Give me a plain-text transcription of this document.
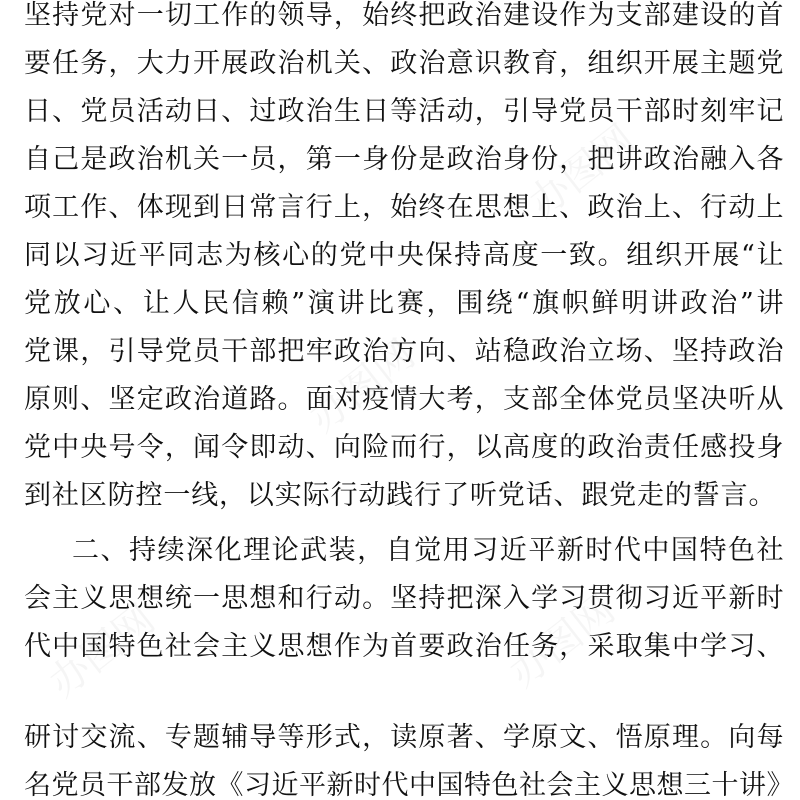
办图网
办图网
办图网	办图网
坚持党对一切工作的领导，始终把政治建设作为支部建设的首
要任务，大力开展政治机关、政治意识教育，组织开展主题党
日、党员活动日、过政治生日等活动，引导党员干部时刻牢记
自己是政治机关一员，第一身份是政治身份，把讲政治融入各
项工作、体现到日常言行上，始终在思想上、政治上、行动上
同以习近平同志为核心的党中央保持高度一致。组织开展“让
党放心、让人民信赖”演讲比赛，围绕“旗帜鲜明讲政治”讲
党课，引导党员干部把牢政治方向、站稳政治立场、坚持政治
原则、坚定政治道路。面对疫情大考，支部全体党员坚决听从
党中央号令，闻令即动、向险而行，以高度的政治责任感投身
到社区防控一线，以实际行动践行了听党话、跟党走的誓言。
二、持续深化理论武装，自觉用习近平新时代中国特色社
会主义思想统一思想和行动。坚持把深入学习贯彻习近平新时
代中国特色社会主义思想作为首要政治任务，采取集中学习、
研讨交流、专题辅导等形式，读原著、学原文、悟原理。向每
名党员干部发放《习近平新时代中国特色社会主义思想三十讲》
